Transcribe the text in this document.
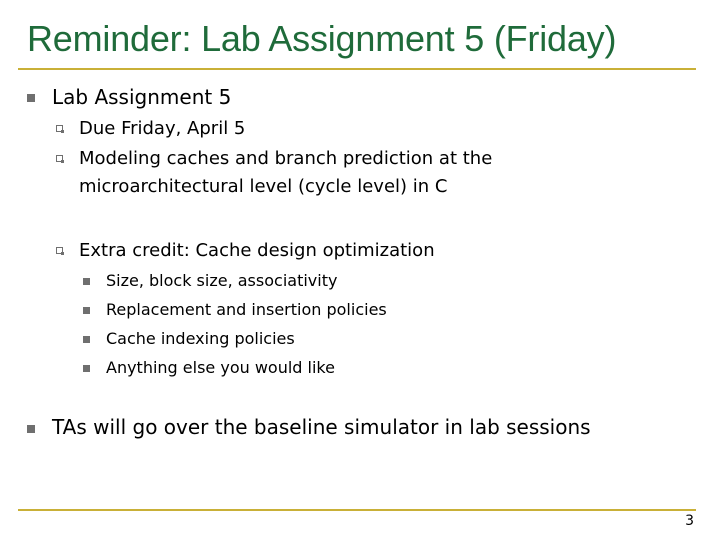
Reminder: Lab Assignment 5 (Friday)
Lab Assignment 5
Due Friday, April 5
Modeling caches and branch prediction at the
microarchitectural level (cycle level) in C
Extra credit: Cache design optimization
Size, block size, associativity
Replacement and insertion policies
Cache indexing policies
Anything else you would like
TAs will go over the baseline simulator in lab sessions
3
